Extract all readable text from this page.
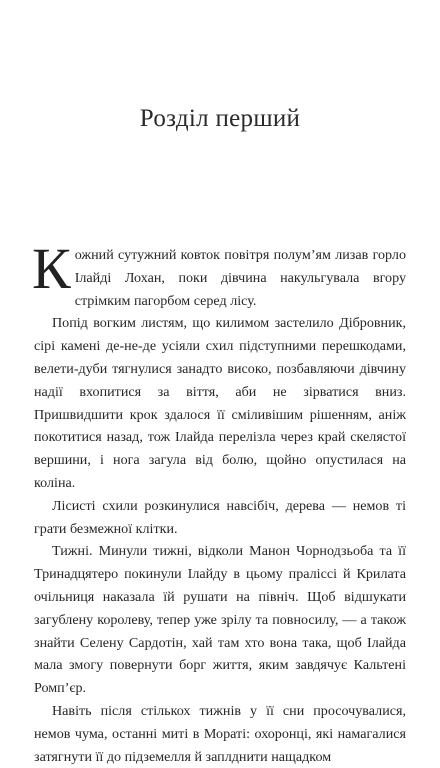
Розділ перший

Кожний сутужний ковток повітря полум’ям лизав горло Ілайді Лохан, поки дівчина накульгувала вгору стрімким пагорбом серед лісу.

Попід вогким листям, що килимом застелило Дібровник, сірі камені де-не-де усіяли схил підступними перешкодами, велети-дуби тягнулися занадто високо, позбавляючи дівчину надії вхопитися за віття, аби не зірватися вниз. Пришвидшити крок здалося її сміливішим рішенням, аніж покотитися назад, тож Ілайда перелізла через край скелястої вершини, і нога загула від болю, щойно опустилася на коліна.

Лісисті схили розкинулися навсібіч, дерева — немов ті грати безмежної клітки.

Тижні. Минули тижні, відколи Манон Чорнодзьоба та її Тринадцятеро покинули Ілайду в цьому праліссі й Крилата очільниця наказала їй рушати на північ. Щоб відшукати загублену королеву, тепер уже зрілу та повносилу, — а також знайти Селену Сардотін, хай там хто вона така, щоб Ілайда мала змогу повернути борг життя, яким завдячує Кальтені Ромп’єр.

Навіть після стількох тижнів у її сни просочувалися, немов чума, останні миті в Мораті: охоронці, які намагалися затягнути її до підземелля й заплднити нащадком
